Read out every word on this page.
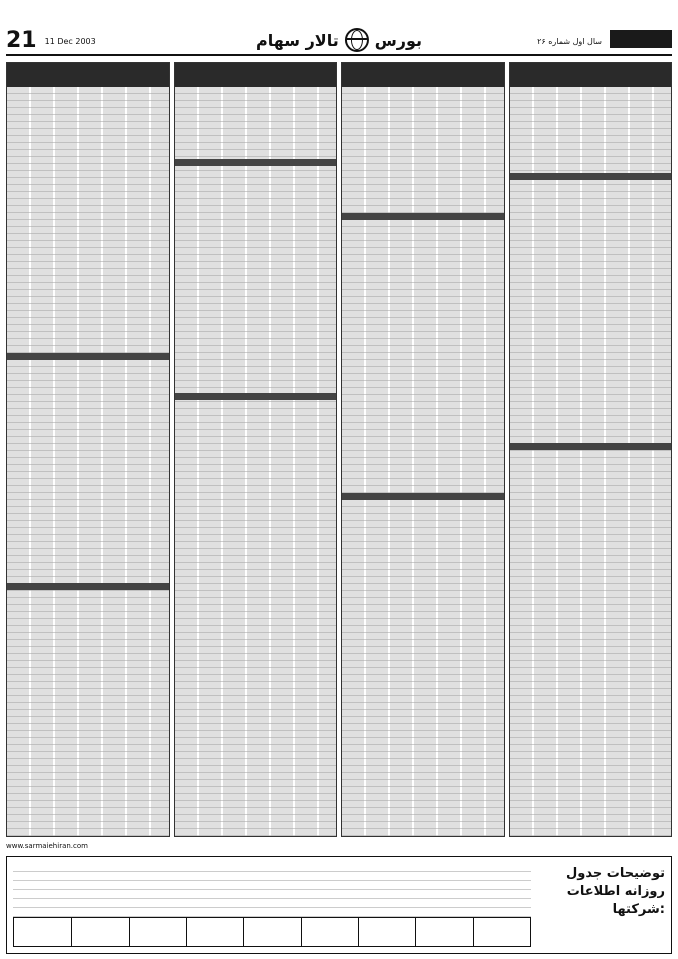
21 11 Dec 2003	تالار سهام بورس	سال اول شماره ۲۶
www.sarmaiehiran.com
توضیحات جدول روزانه اطلاعات شرکتها:
